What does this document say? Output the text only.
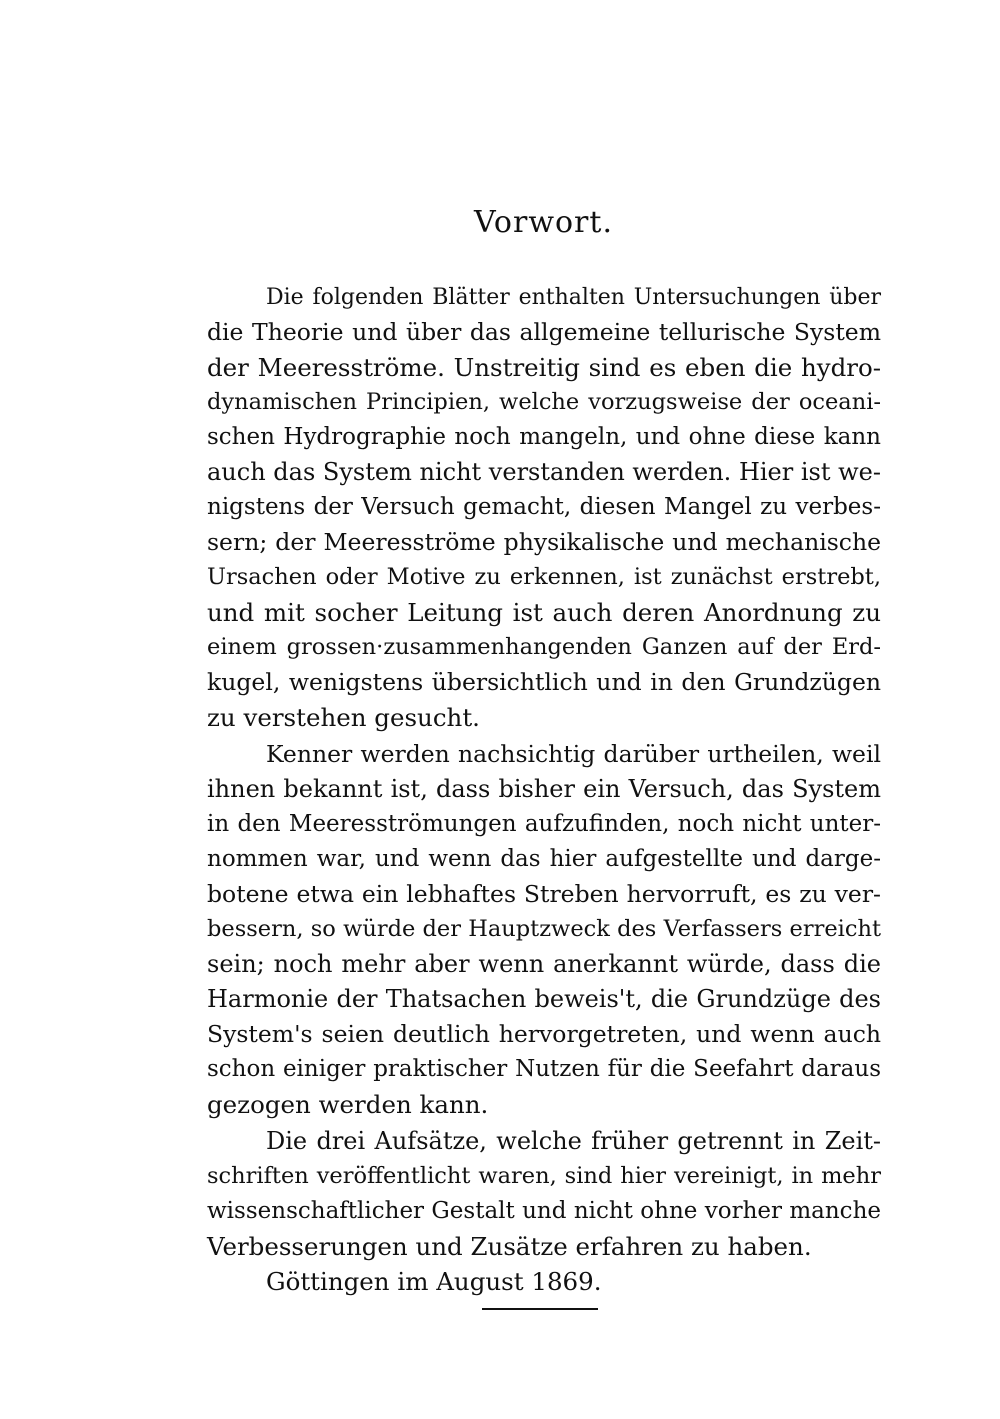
Vorwort.

Die folgenden Blätter enthalten Untersuchungen über

die Theorie und über das allgemeine tellurische System

der Meeresströme. Unstreitig sind es eben die hydro-

dynamischen Principien, welche vorzugsweise der oceani-

schen Hydrographie noch mangeln, und ohne diese kann

auch das System nicht verstanden werden. Hier ist we-

nigstens der Versuch gemacht, diesen Mangel zu verbes-

sern; der Meeresströme physikalische und mechanische

Ursachen oder Motive zu erkennen, ist zunächst erstrebt,

und mit socher Leitung ist auch deren Anordnung zu

einem grossen·zusammenhangenden Ganzen auf der Erd-

kugel, wenigstens übersichtlich und in den Grundzügen

zu verstehen gesucht.

Kenner werden nachsichtig darüber urtheilen, weil

ihnen bekannt ist, dass bisher ein Versuch, das System

in den Meeresströmungen aufzufinden, noch nicht unter-

nommen war, und wenn das hier aufgestellte und darge-

botene etwa ein lebhaftes Streben hervorruft, es zu ver-

bessern, so würde der Hauptzweck des Verfassers erreicht

sein; noch mehr aber wenn anerkannt würde, dass die

Harmonie der Thatsachen beweis't, die Grundzüge des

System's seien deutlich hervorgetreten, und wenn auch

schon einiger praktischer Nutzen für die Seefahrt daraus

gezogen werden kann.

Die drei Aufsätze, welche früher getrennt in Zeit-

schriften veröffentlicht waren, sind hier vereinigt, in mehr

wissenschaftlicher Gestalt und nicht ohne vorher manche

Verbesserungen und Zusätze erfahren zu haben.

Göttingen im August 1869.
